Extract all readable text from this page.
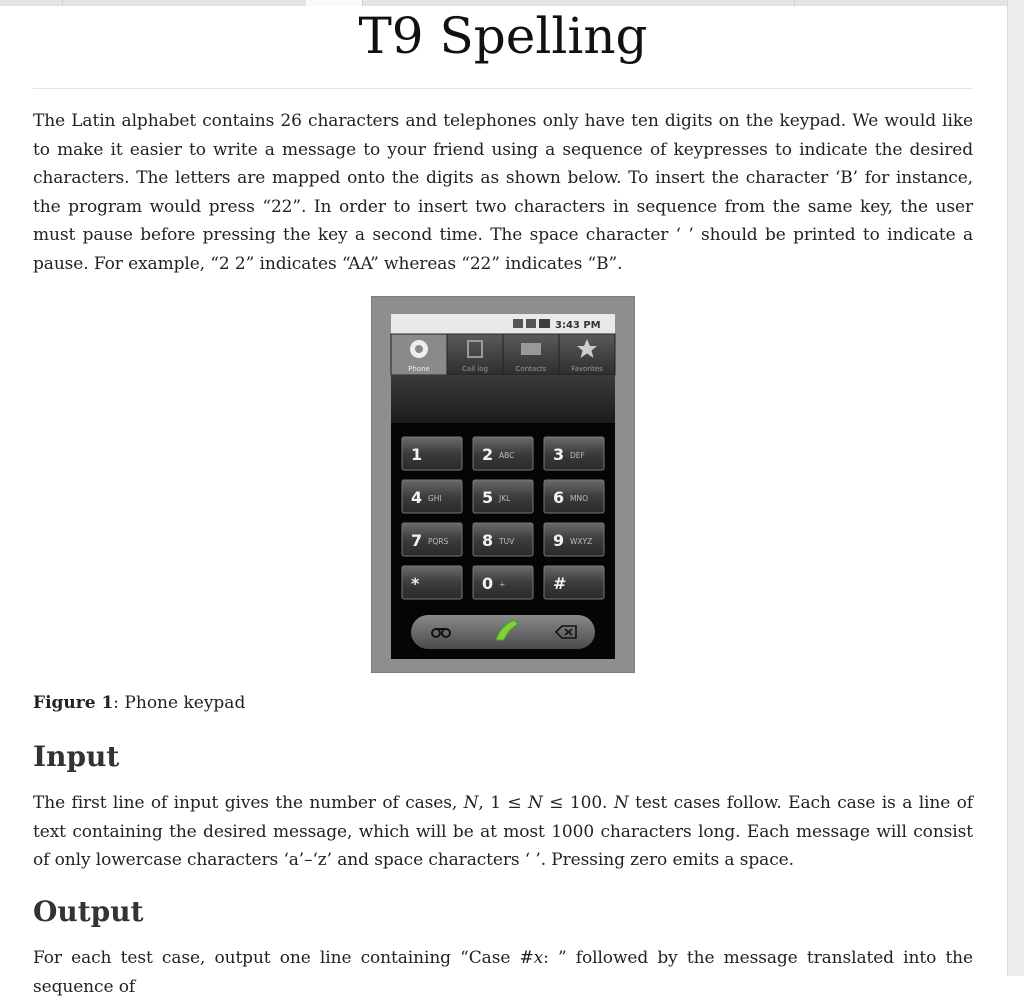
T9 Spelling

The Latin alphabet contains 26 characters and telephones only have ten digits on the keypad. We would like to make it easier to write a message to your friend using a sequence of keypresses to indicate the desired characters. The letters are mapped onto the digits as shown below. To insert the character ‘B’ for instance, the program would press “22”. In order to insert two characters in sequence from the same key, the user must pause before pressing the key a second time. The space character ‘ ’ should be printed to indicate a pause. For example, “2 2” indicates “AA” whereas “22” indicates “B”.

3:43 PM
Phone	Call log	Contacts	Favorites
1	2 ABC 3 DEF
4 GHI	5 JKL	6 MNO
7 PQRS 8 TUV 9 WXYZ
*	0 +	#
Figure 1: Phone keypad
Input

The first line of input gives the number of cases, N, 1 ≤ N ≤ 100. N test cases follow. Each case is a line of text containing the desired message, which will be at most 1000 characters long. Each message will consist of only lowercase characters ‘a’–‘z’ and space characters ‘ ’. Pressing zero emits a space.

Output

For each test case, output one line containing “Case #x: ” followed by the message translated into the sequence of
